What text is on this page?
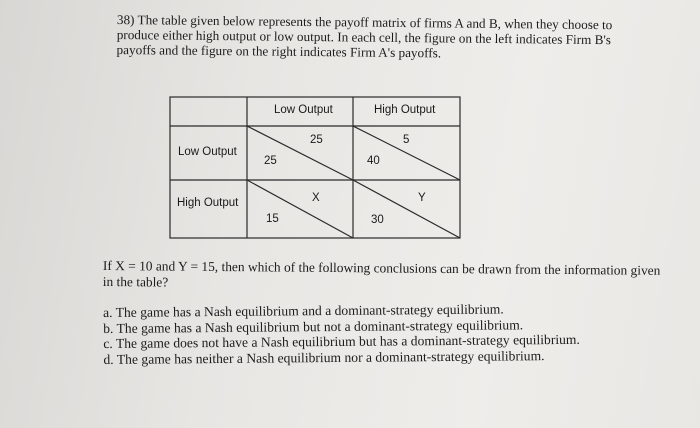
38) The table given below represents the payoff matrix of firms A and B, when they choose to produce either high output or low output. In each cell, the figure on the left indicates Firm B's payoffs and the figure on the right indicates Firm A's payoffs.
Low Output	High Output
Low Output
High Output
25
25
40
5
15
X
30
Y
If X = 10 and Y = 15, then which of the following conclusions can be drawn from the information given in the table?
a. The game has a Nash equilibrium and a dominant-strategy equilibrium.
b. The game has a Nash equilibrium but not a dominant-strategy equilibrium.
c. The game does not have a Nash equilibrium but has a dominant-strategy equilibrium.
d. The game has neither a Nash equilibrium nor a dominant-strategy equilibrium.
